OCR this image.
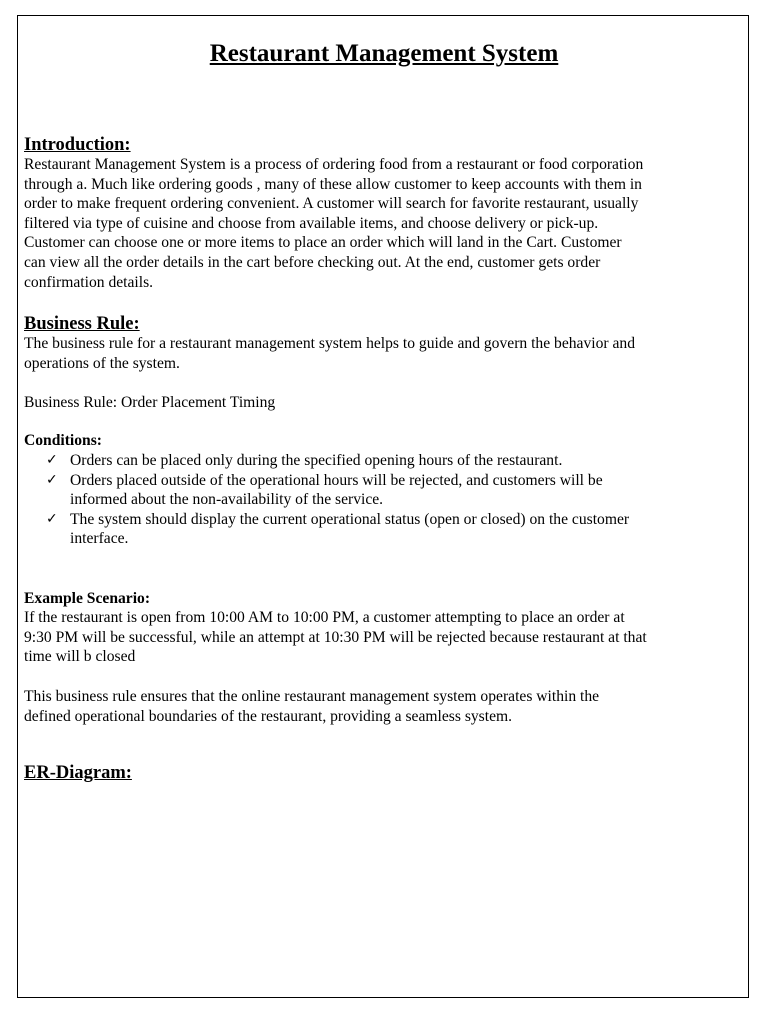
Restaurant Management System
Introduction:
Restaurant Management System is a process of ordering food from a restaurant or food corporation
through a. Much like ordering goods , many of these allow customer to keep accounts with them in
order to make frequent ordering convenient. A customer will search for favorite restaurant, usually
filtered via type of cuisine and choose from available items, and choose delivery or pick-up.
Customer can choose one or more items to place an order which will land in the Cart. Customer
can view all the order details in the cart before checking out. At the end, customer gets order
confirmation details.
Business Rule:
The business rule for a restaurant management system helps to guide and govern the behavior and
operations of the system.
Business Rule: Order Placement Timing
Conditions:
✓ Orders can be placed only during the specified opening hours of the restaurant.
✓ Orders placed outside of the operational hours will be rejected, and customers will be
informed about the non-availability of the service.
✓ The system should display the current operational status (open or closed) on the customer
interface.
Example Scenario:
If the restaurant is open from 10:00 AM to 10:00 PM, a customer attempting to place an order at
9:30 PM will be successful, while an attempt at 10:30 PM will be rejected because restaurant at that
time will b closed
This business rule ensures that the online restaurant management system operates within the
defined operational boundaries of the restaurant, providing a seamless system.
ER-Diagram:
